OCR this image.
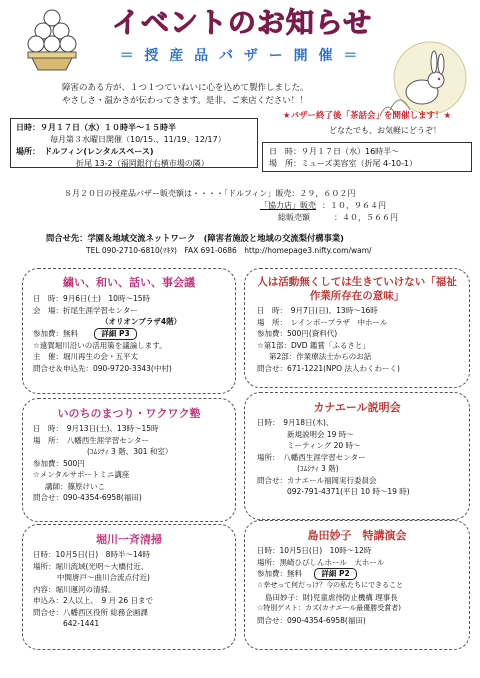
イベントのお知らせ
＝ 授 産 品 バ ザ ー 開 催 ＝
障害のある方が、１つ１つていねいに心を込めて製作しました。
やさしさ・温かさが伝わってきます。是非、ご来店ください！！
日時：９月１７日（水）１０時半〜１５時半
毎月第３水曜日開催（10/15.、11/19、12/17）
場所：　ドルフィン(レンタルスペース)
折尾 13-2（福岡銀行右横市場の隣）
★バザー終了後「茶話会」を開催します！★
どなたでも、お気軽にどうぞ！
日　時：９月１７日（水）16時半〜
場　所：ミューズ美容室（折尾 4-10-1）
８月２０日の授産品バザー販売額は・・・・「ドルフィン」販売：２９，６０２円
「協力店」販売 ：１０，９６４円
総販売額	：４０，５６６円
問合せ先：学園＆地域交流ネットワーク　(障害者施設と地域の交流梨付構事業)
TEL 090-2710-6810(ﾏｷﾀ)　FAX 691-0686　http://homepage3.nifty.com/wam/
繍い、和い、話い、事会議
日　時：9月6日(土)　10時〜15時
会　場：折尾生涯学習センター
（オリオンプラザ4階）
参加費：無料	詳細 P3
☆遠賀堀川沿いの活用策を議論します。
主　催：堀川再生の会・五平太
問合せ＆申込先：090-9720-3343(中村)
人は活動無くしては生きていけない「福祉作業所存在の意味」
日　時：　9月7日(日)、13時〜16時
場　所：　レインボープラザ　中ホール
参加費：500円(資料代)
☆第1部：DVD 鑑賞「ふるさと」
第2部：作業療法士からのお話
問合せ：671-1221(NPO 法人わくわーく)
いのちのまつり・ワクワク塾
日　時：　9月13日(土)、13時〜15時
場　所：　八幡西生涯学習センター
(ｺﾑｼﾃｨ 3 階、301 和室）
参加費：500円
☆メンタルサポートミニ講座
講師：篠原けいこ
問合せ：090-4354-6958(福田)
カナエール説明会
日時：　9月18日(木)、
新規説明会 19 時〜
ミーティング 20 時〜
場所：　八幡西生涯学習センター
(ｺﾑｼﾃｨ 3 階)
問合せ：カナエール福岡実行委員会
092-791-4371(平日 10 時〜19 時)
堀川一斉清掃
日時：10月5日(日)　8時半〜14時
場所：堀川流域(光明〜大橋付近、
中間唐戸〜曲川合流点付近)
内容：堀川運河の清掃。
申込み：2人以上、　9 月 26 日まで
問合せ：八幡西区役所 総務企画課
642-1441
島田妙子　特講演会
日時：10月5日(日)　10時〜12時
場所：黒崎ひびしんホール　大ホール
参加費：無料	詳細 P2
☆幸せって何だっけ？今の私たちにできること
島田妙子：財)児童虐待防止機構 理事長
☆特別ゲスト：カズ(カナエール最優勝受賞者)
問合せ：090-4354-6958(福田)
